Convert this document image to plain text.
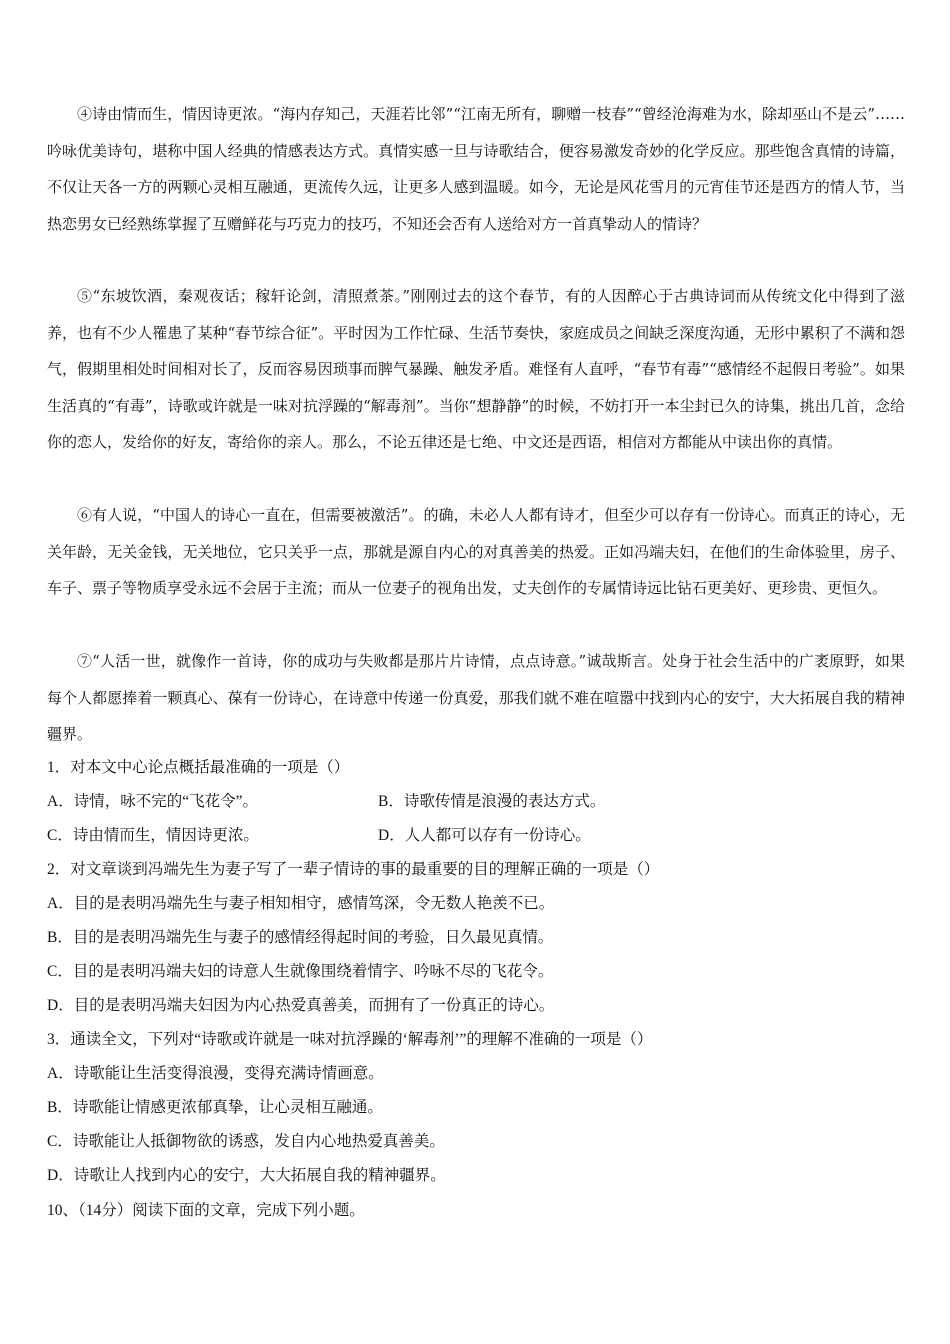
④诗由情而生，情因诗更浓。“海内存知己，天涯若比邻”“江南无所有，聊赠一枝春”“曾经沧海难为水，除却巫山不是云”……吟咏优美诗句，堪称中国人经典的情感表达方式。真情实感一旦与诗歌结合，便容易激发奇妙的化学反应。那些饱含真情的诗篇，不仅让天各一方的两颗心灵相互融通，更流传久远，让更多人感到温暖。如今，无论是风花雪月的元宵佳节还是西方的情人节，当热恋男女已经熟练掌握了互赠鲜花与巧克力的技巧，不知还会否有人送给对方一首真挚动人的情诗？

⑤“东坡饮酒，秦观夜话；稼轩论剑，清照煮茶。”刚刚过去的这个春节，有的人因醉心于古典诗词而从传统文化中得到了滋养，也有不少人罹患了某种“春节综合征”。平时因为工作忙碌、生活节奏快，家庭成员之间缺乏深度沟通，无形中累积了不满和怨气，假期里相处时间相对长了，反而容易因琐事而脾气暴躁、触发矛盾。难怪有人直呼，“春节有毒”“感情经不起假日考验”。如果生活真的“有毒”，诗歌或许就是一味对抗浮躁的“解毒剂”。当你“想静静”的时候，不妨打开一本尘封已久的诗集，挑出几首，念给你的恋人，发给你的好友，寄给你的亲人。那么，不论五律还是七绝、中文还是西语，相信对方都能从中读出你的真情。

⑥有人说，“中国人的诗心一直在，但需要被激活”。的确，未必人人都有诗才，但至少可以存有一份诗心。而真正的诗心，无关年龄，无关金钱，无关地位，它只关乎一点，那就是源自内心的对真善美的热爱。正如冯端夫妇，在他们的生命体验里，房子、车子、票子等物质享受永远不会居于主流；而从一位妻子的视角出发，丈夫创作的专属情诗远比钻石更美好、更珍贵、更恒久。

⑦“人活一世，就像作一首诗，你的成功与失败都是那片片诗情，点点诗意。”诚哉斯言。处身于社会生活中的广袤原野，如果每个人都愿捧着一颗真心、葆有一份诗心，在诗意中传递一份真爱，那我们就不难在喧嚣中找到内心的安宁，大大拓展自我的精神疆界。

1．对本文中心论点概括最准确的一项是（）
A．诗情，咏不完的“飞花令”。	B．诗歌传情是浪漫的表达方式。
C．诗由情而生，情因诗更浓。	D．人人都可以存有一份诗心。
2．对文章谈到冯端先生为妻子写了一辈子情诗的事的最重要的目的理解正确的一项是（）
A．目的是表明冯端先生与妻子相知相守，感情笃深，令无数人艳羡不已。
B．目的是表明冯端先生与妻子的感情经得起时间的考验，日久最见真情。
C．目的是表明冯端夫妇的诗意人生就像围绕着情字、吟咏不尽的飞花令。
D．目的是表明冯端夫妇因为内心热爱真善美，而拥有了一份真正的诗心。
3．通读全文，下列对“诗歌或许就是一味对抗浮躁的‘解毒剂’”的理解不准确的一项是（）
A．诗歌能让生活变得浪漫，变得充满诗情画意。
B．诗歌能让情感更浓郁真挚，让心灵相互融通。
C．诗歌能让人抵御物欲的诱惑，发自内心地热爱真善美。
D．诗歌让人找到内心的安宁，大大拓展自我的精神疆界。
10、（14分）阅读下面的文章，完成下列小题。
